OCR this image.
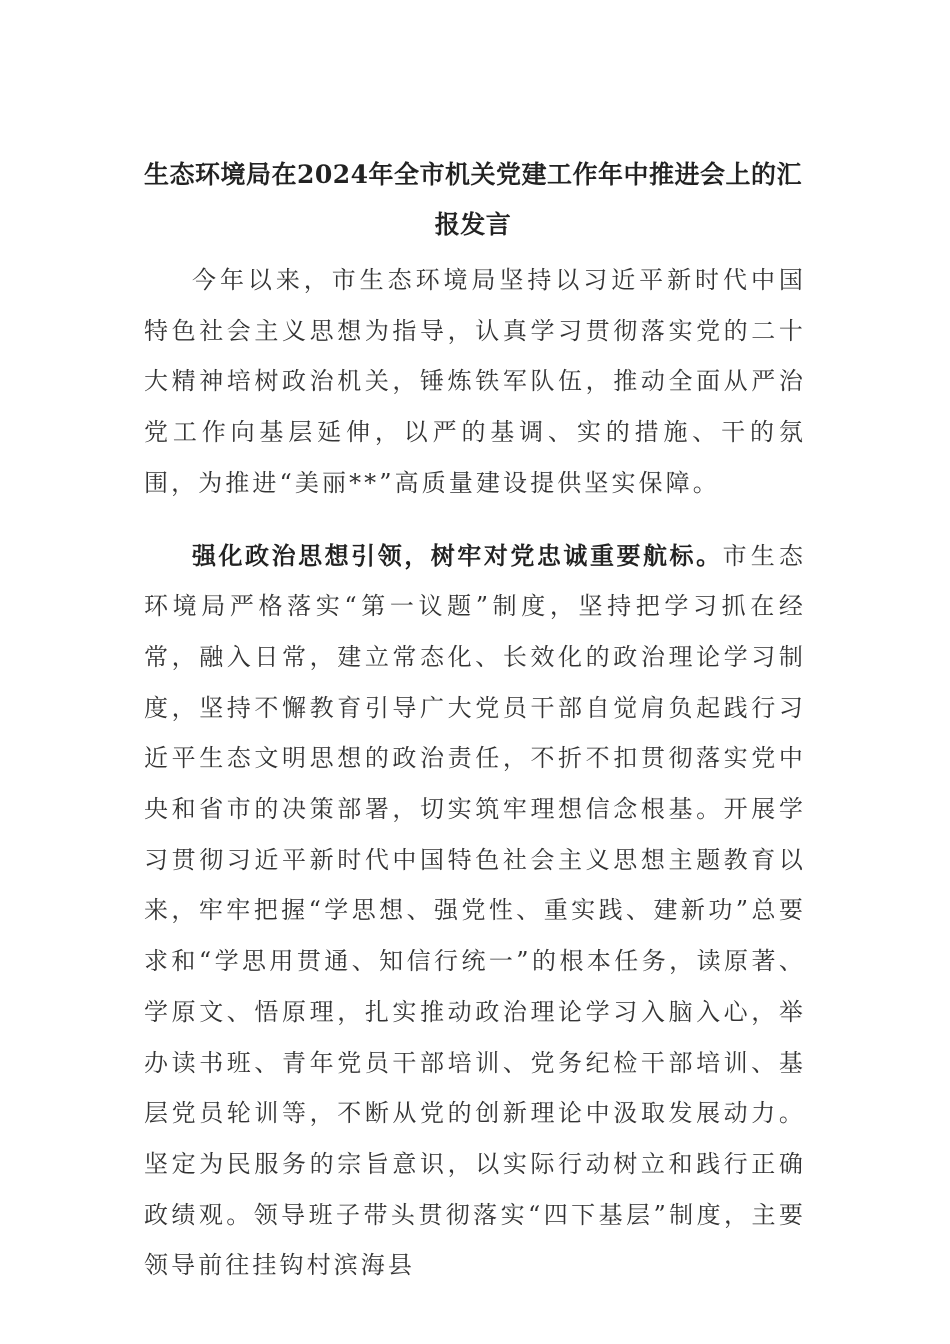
生态环境局在2024年全市机关党建工作年中推进会上的汇报发言

今年以来，市生态环境局坚持以习近平新时代中国特色社会主义思想为指导，认真学习贯彻落实党的二十大精神培树政治机关，锤炼铁军队伍，推动全面从严治党工作向基层延伸，以严的基调、实的措施、干的氛围，为推进“美丽**”高质量建设提供坚实保障。

强化政治思想引领，树牢对党忠诚重要航标。市生态环境局严格落实“第一议题”制度，坚持把学习抓在经常，融入日常，建立常态化、长效化的政治理论学习制度，坚持不懈教育引导广大党员干部自觉肩负起践行习近平生态文明思想的政治责任，不折不扣贯彻落实党中央和省市的决策部署，切实筑牢理想信念根基。开展学习贯彻习近平新时代中国特色社会主义思想主题教育以来，牢牢把握“学思想、强党性、重实践、建新功”总要求和“学思用贯通、知信行统一”的根本任务，读原著、学原文、悟原理，扎实推动政治理论学习入脑入心，举办读书班、青年党员干部培训、党务纪检干部培训、基层党员轮训等，不断从党的创新理论中汲取发展动力。坚定为民服务的宗旨意识，以实际行动树立和践行正确政绩观。领导班子带头贯彻落实“四下基层”制度，主要领导前往挂钩村滨海县
